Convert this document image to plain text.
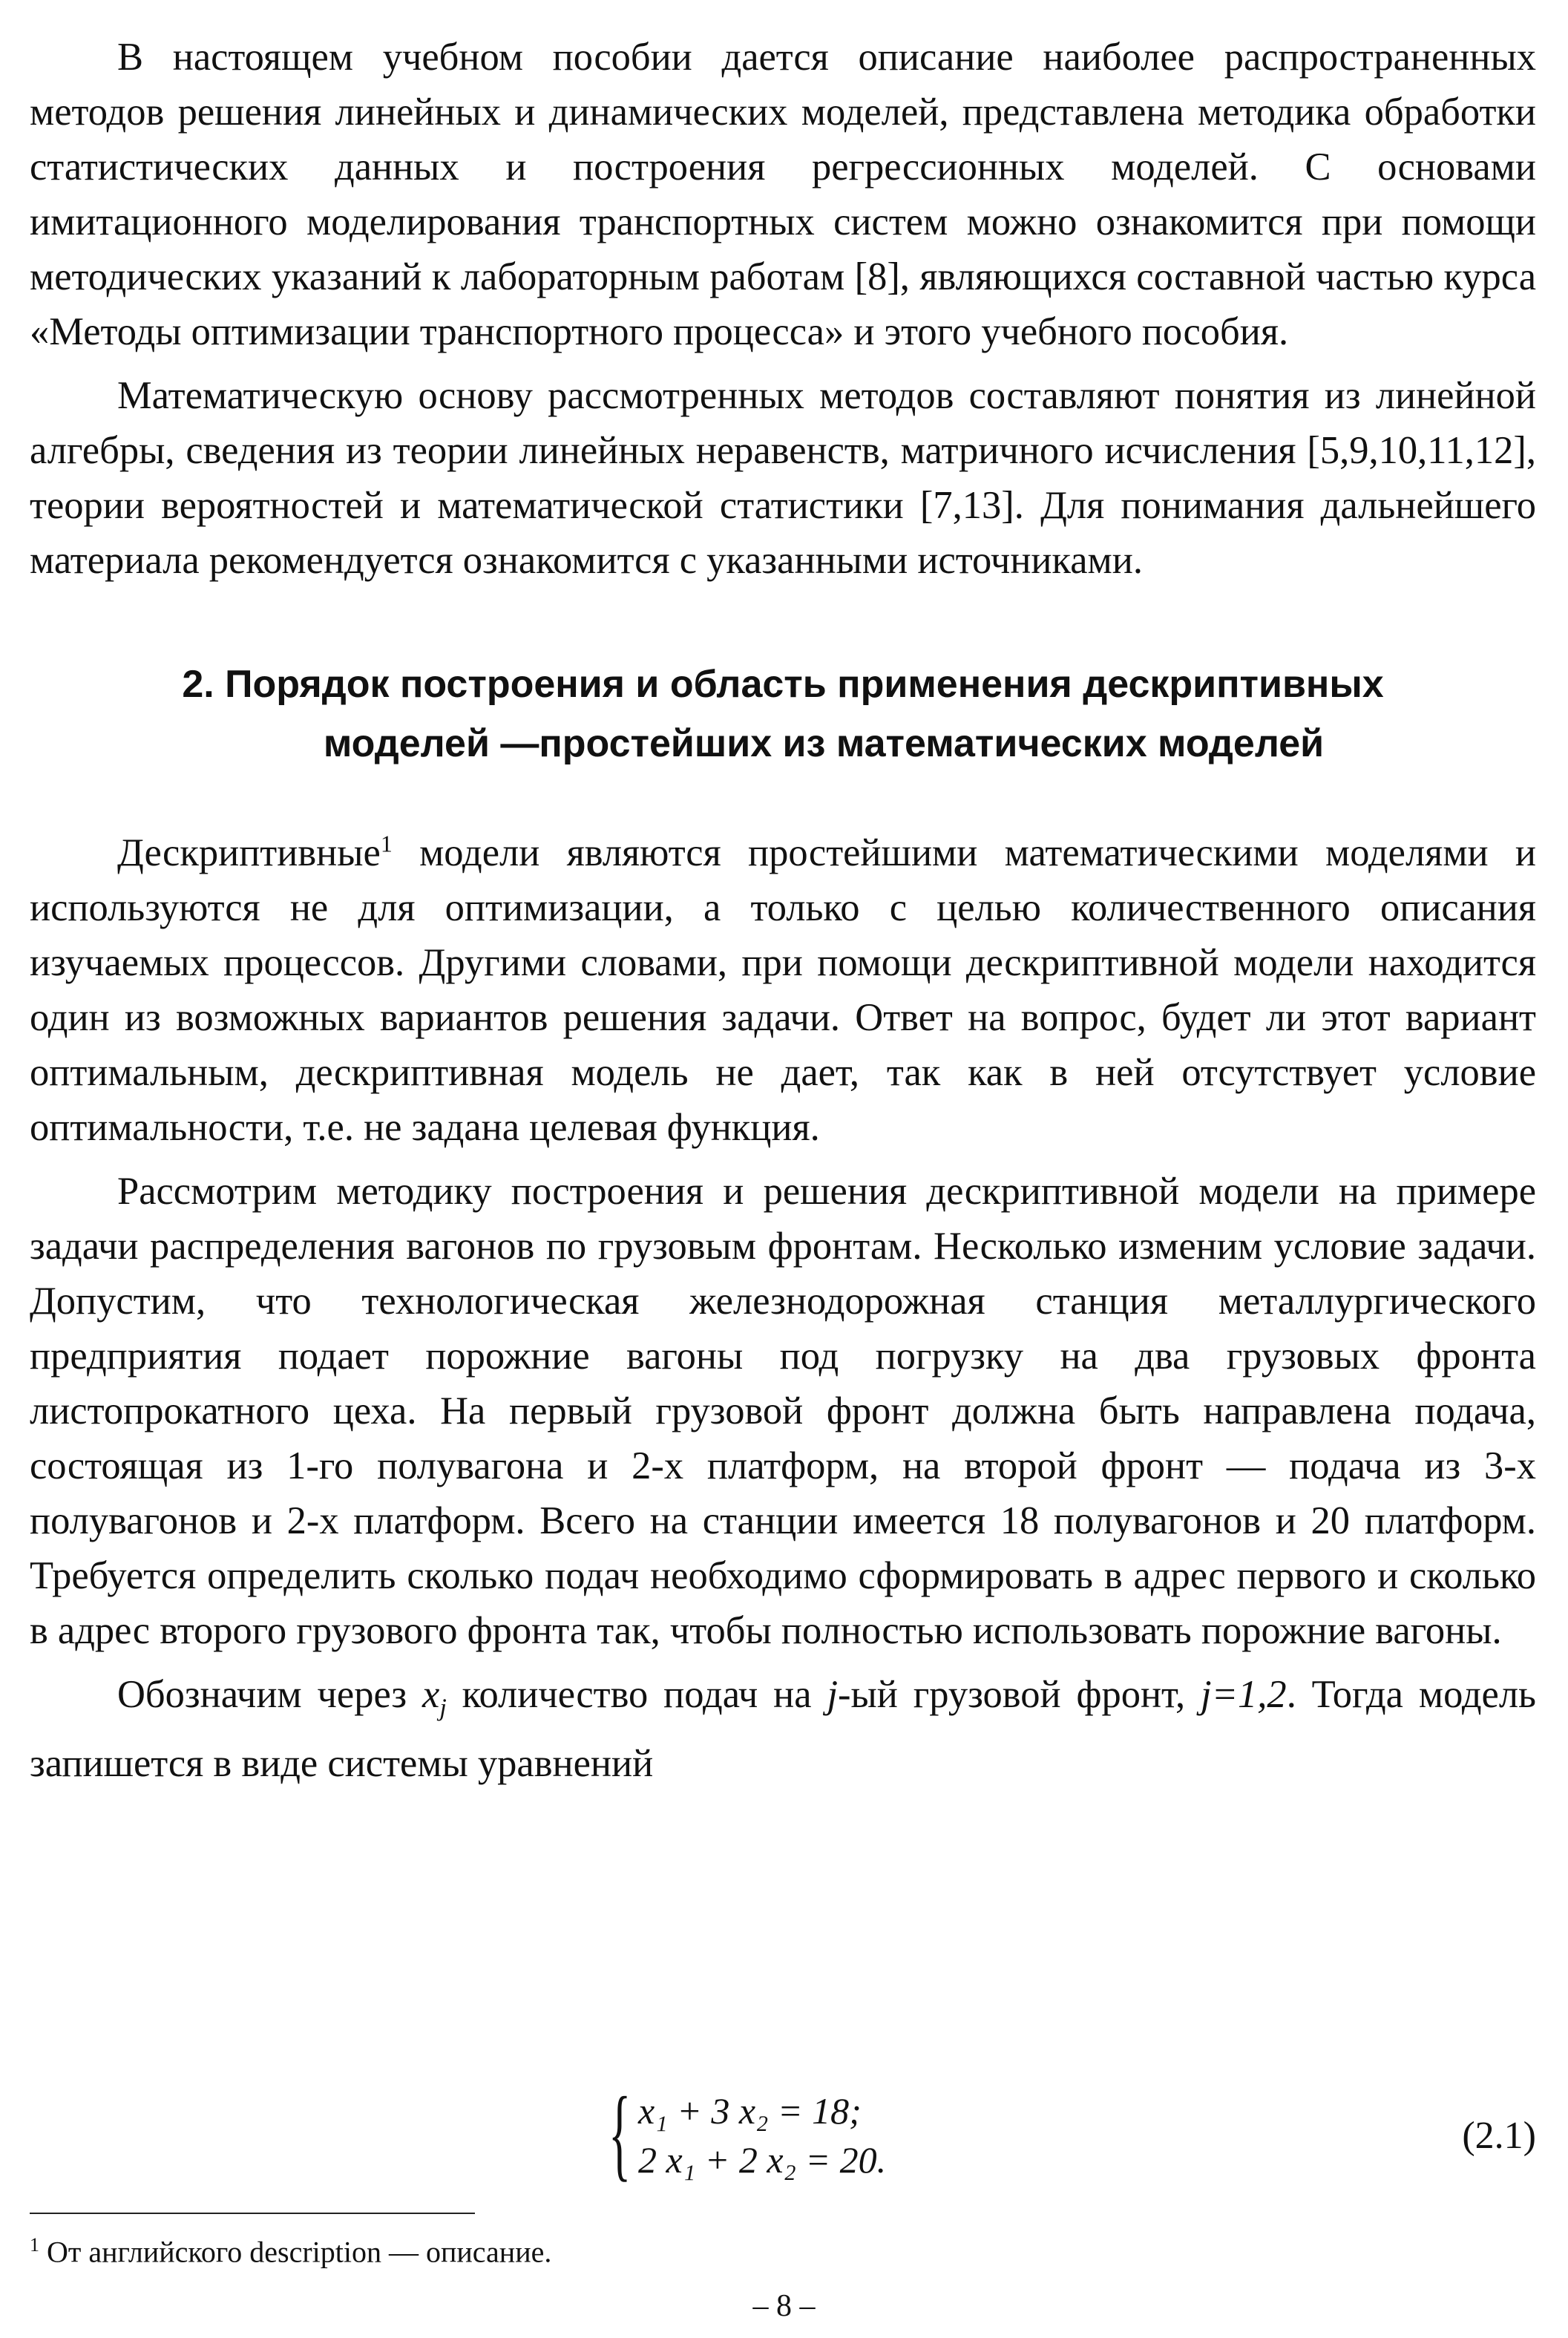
В настоящем учебном пособии дается описание наиболее распространенных методов решения линейных и динамических моделей, представлена методика обработки статистических данных и построения регрессионных моделей. С основами имитационного моделирования транспортных систем можно ознакомится при помощи методических указаний к лабораторным работам [8], являющихся составной частью курса «Методы оптимизации транспортного процесса» и этого учебного пособия.

Математическую основу рассмотренных методов составляют понятия из линейной алгебры, сведения из теории линейных неравенств, матричного исчисления [5,9,10,11,12], теории вероятностей и математической статистики [7,13]. Для понимания дальнейшего материала рекомендуется ознакомится с указанными источниками.

2. Порядок построения и область применения дескриптивных
моделей —простейших из математических моделей

Дескриптивные$^1$ модели являются простейшими математическими моделями и используются не для оптимизации, а только с целью количественного описания изучаемых процессов. Другими словами, при помощи дескриптивной модели находится один из возможных вариантов решения задачи. Ответ на вопрос, будет ли этот вариант оптимальным, дескриптивная модель не дает, так как в ней отсутствует условие оптимальности, т.е. не задана целевая функция.

Рассмотрим методику построения и решения дескриптивной модели на примере задачи распределения вагонов по грузовым фронтам. Несколько изменим условие задачи. Допустим, что технологическая железнодорожная станция металлургического предприятия подает порожние вагоны под погрузку на два грузовых фронта листопрокатного цеха. На первый грузовой фронт должна быть направлена подача, состоящая из 1-го полувагона и 2-х платформ, на второй фронт — подача из 3-х полувагонов и 2-х платформ. Всего на станции имеется 18 полувагонов и 20 платформ. Требуется определить сколько подач необходимо сформировать в адрес первого и сколько в адрес второго грузового фронта так, чтобы полностью использовать порожние вагоны.

Обозначим через $x_j$ количество подач на j-ый грузовой фронт, j=1,2. Тогда модель запишется в виде системы уравнений

{ x₁ + 3 x₂ = 18;
2 x₁ + 2 x₂ = 20.
(2.1)
$^1$ От английского description — описание.
– 8 –
